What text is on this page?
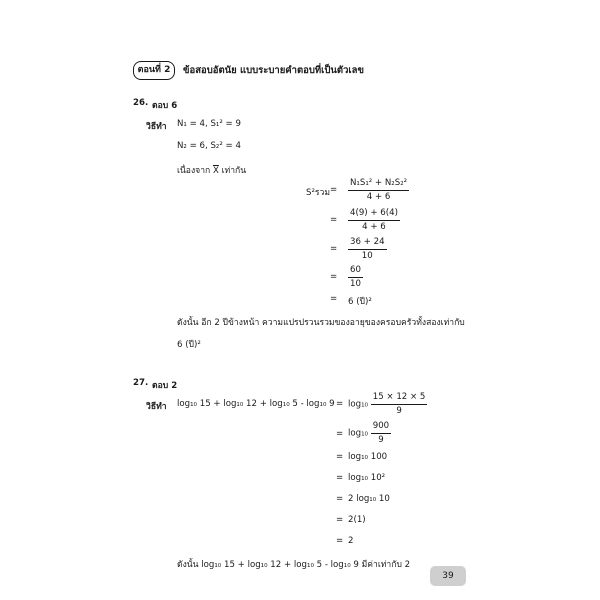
ตอนที่ 2	ข้อสอบอัตนัย แบบระบายคำตอบที่เป็นตัวเลข
26. ตอบ 6
วิธีทำ N₁ = 4, S₁² = 9
N₂ = 6, S₂² = 4
เนื่องจาก $\overline{X}$ เท่ากัน
S²รวม = $\frac{\text{N₁S₁² + N₂S₂²}}{4 + 6}$
= $\frac{4(9) + 6(4)}{4 + 6}$
= $\frac{36 + 24}{10}$
= $\frac{60}{10}$
= 6 (ปี)²
ดังนั้น อีก 2 ปีข้างหน้า ความแปรปรวนรวมของอายุของครอบครัวทั้งสองเท่ากับ
6 (ปี)²
27. ตอบ 2
วิธีทำ log₁₀ 15 + log₁₀ 12 + log₁₀ 5 - log₁₀ $9 = \log_{10} \frac{15 \times 12 \times 5}{9}$
= $\log_{10} \frac{900}{9}$
= log₁₀ 100
= log₁₀ 10²
= 2 log₁₀ 10
= 2(1)
= 2
ดังนั้น log₁₀ 15 + log₁₀ 12 + log₁₀ 5 - log₁₀ 9 มีค่าเท่ากับ 2
39
